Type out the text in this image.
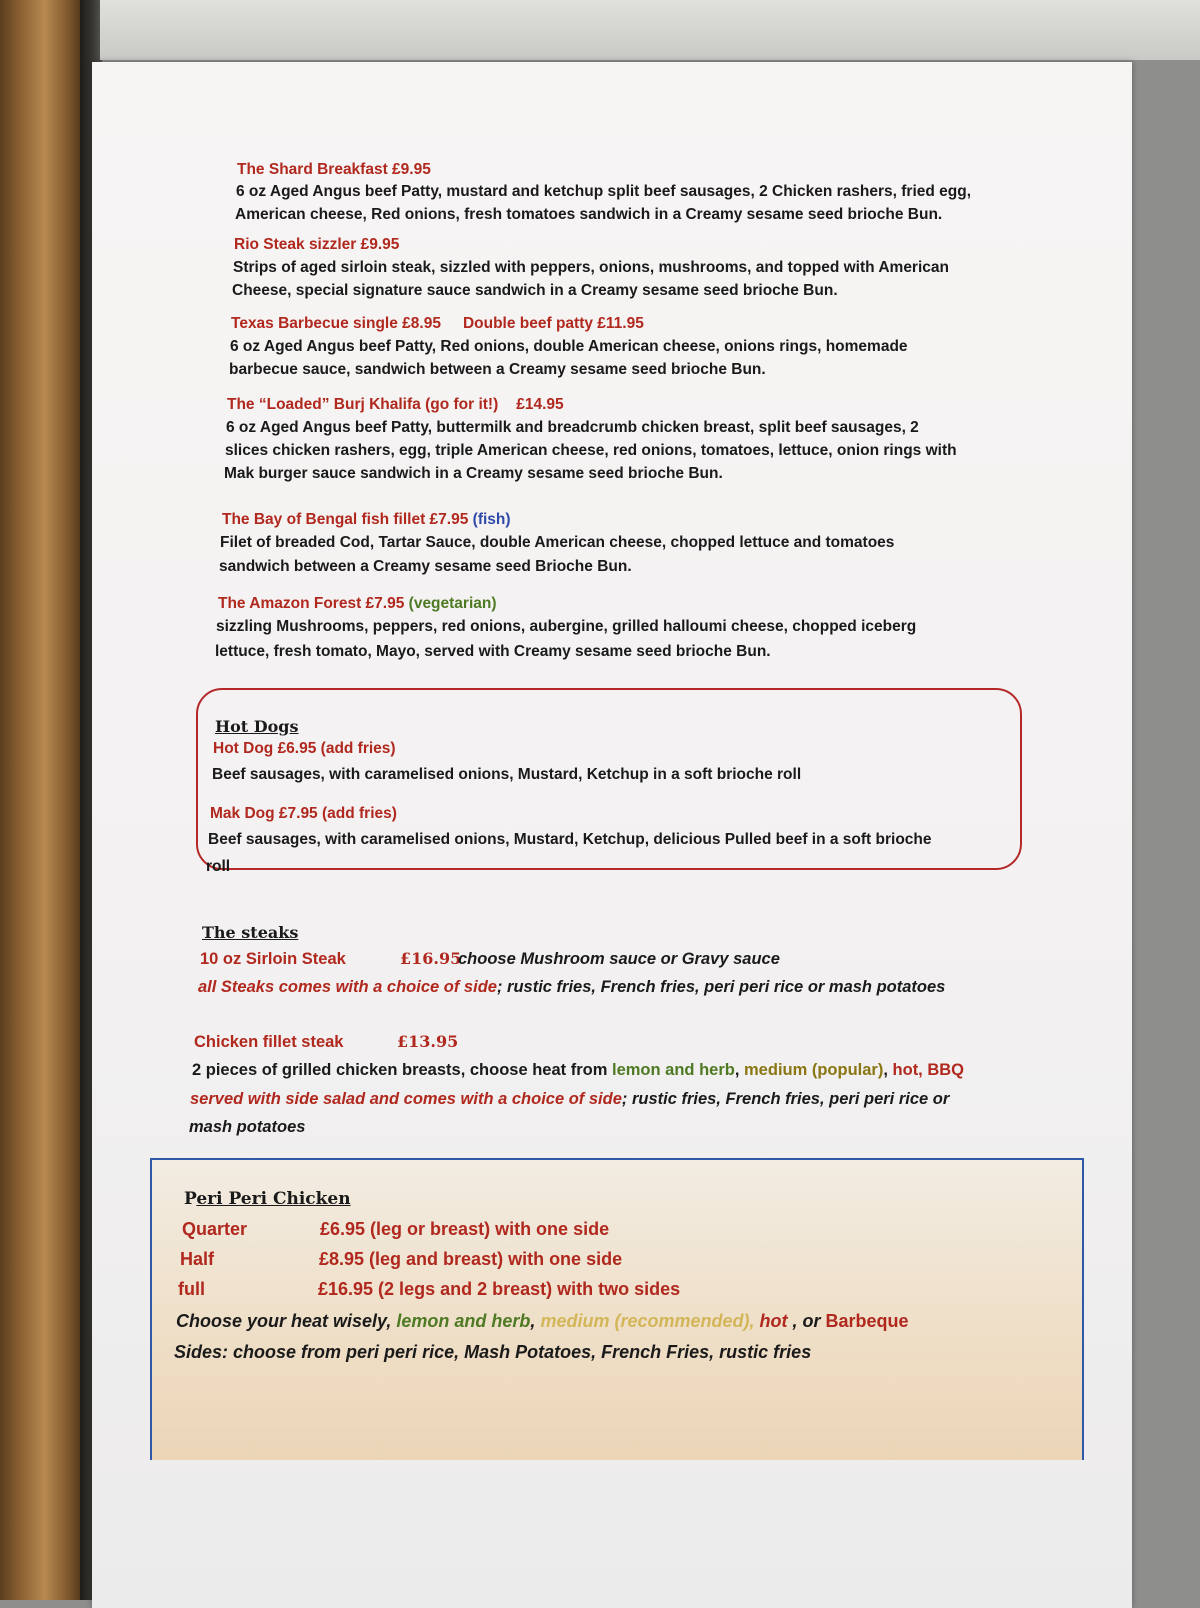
The Shard Breakfast £9.95
6 oz Aged Angus beef Patty, mustard and ketchup split beef sausages, 2 Chicken rashers, fried egg,
American cheese, Red onions, fresh tomatoes sandwich in a Creamy sesame seed brioche Bun.
Rio Steak sizzler £9.95
Strips of aged sirloin steak, sizzled with peppers, onions, mushrooms, and topped with American
Cheese, special signature sauce sandwich in a Creamy sesame seed brioche Bun.
Texas Barbecue single £8.95 Double beef patty £11.95
6 oz Aged Angus beef Patty, Red onions, double American cheese, onions rings, homemade
barbecue sauce, sandwich between a Creamy sesame seed brioche Bun.
The “Loaded” Burj Khalifa (go for it!) £14.95
6 oz Aged Angus beef Patty, buttermilk and breadcrumb chicken breast, split beef sausages, 2
slices chicken rashers, egg, triple American cheese, red onions, tomatoes, lettuce, onion rings with
Mak burger sauce sandwich in a Creamy sesame seed brioche Bun.
The Bay of Bengal fish fillet £7.95 (fish)
Filet of breaded Cod, Tartar Sauce, double American cheese, chopped lettuce and tomatoes
sandwich between a Creamy sesame seed Brioche Bun.
The Amazon Forest £7.95 (vegetarian)
sizzling Mushrooms, peppers, red onions, aubergine, grilled halloumi cheese, chopped iceberg
lettuce, fresh tomato, Mayo, served with Creamy sesame seed brioche Bun.
Hot Dogs
Hot Dog £6.95 (add fries)
Beef sausages, with caramelised onions, Mustard, Ketchup in a soft brioche roll
Mak Dog £7.95 (add fries)
Beef sausages, with caramelised onions, Mustard, Ketchup, delicious Pulled beef in a soft brioche
roll
The steaks
10 oz Sirloin Steak	£16.95
choose Mushroom sauce or Gravy sauce
all Steaks comes with a choice of side; rustic fries, French fries, peri peri rice or mash potatoes
Chicken fillet steak	£13.95
2 pieces of grilled chicken breasts, choose heat from lemon and herb, medium (popular), hot, BBQ
served with side salad and comes with a choice of side; rustic fries, French fries, peri peri rice or
mash potatoes
Peri Peri Chicken
Quarter	£6.95 (leg or breast) with one side
Half	£8.95 (leg and breast) with one side
full	£16.95 (2 legs and 2 breast) with two sides
Choose your heat wisely, lemon and herb, medium (recommended), hot , or Barbeque
Sides: choose from peri peri rice, Mash Potatoes, French Fries, rustic fries
